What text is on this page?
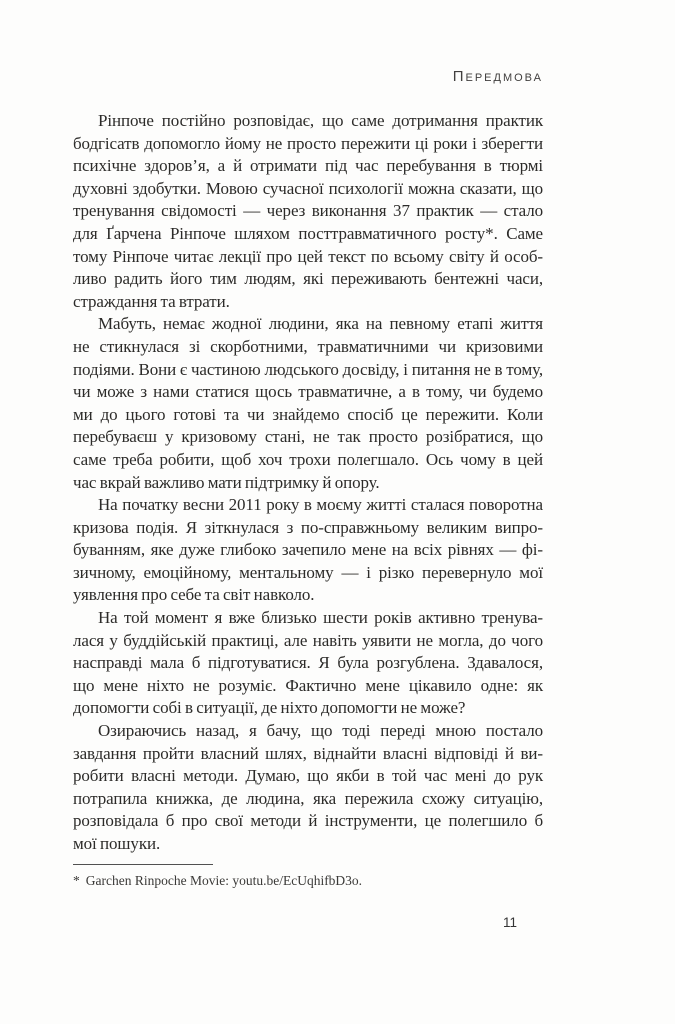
Передмова
Рінпоче постійно розповідає, що саме дотримання практик
бодгісатв допомогло йому не просто пережити ці роки і зберегти
психічне здоров’я, а й отримати під час перебування в тюрмі
духовні здобутки. Мовою сучасної психології можна сказати, що
тренування свідомості — через виконання 37 практик — стало
для Ґарчена Рінпоче шляхом посттравматичного росту*. Саме
тому Рінпоче читає лекції про цей текст по всьому світу й особ-
ливо радить його тим людям, які переживають бентежні часи,
страждання та втрати.
Мабуть, немає жодної людини, яка на певному етапі життя
не стикнулася зі скорботними, травматичними чи кризовими
подіями. Вони є частиною людського досвіду, і питання не в тому,
чи може з нами статися щось травматичне, а в тому, чи будемо
ми до цього готові та чи знайдемо спосіб це пережити. Коли
перебуваєш у кризовому стані, не так просто розібратися, що
саме треба робити, щоб хоч трохи полегшало. Ось чому в цей
час вкрай важливо мати підтримку й опору.
На початку весни 2011 року в моєму житті сталася поворотна
кризова подія. Я зіткнулася з по-справжньому великим випро-
буванням, яке дуже глибоко зачепило мене на всіх рівнях — фі-
зичному, емоційному, ментальному — і різко перевернуло мої
уявлення про себе та світ навколо.
На той момент я вже близько шести років активно тренува-
лася у буддійській практиці, але навіть уявити не могла, до чого
насправді мала б підготуватися. Я була розгублена. Здавалося,
що мене ніхто не розуміє. Фактично мене цікавило одне: як
допомогти собі в ситуації, де ніхто допомогти не може?
Озираючись назад, я бачу, що тоді переді мною постало
завдання пройти власний шлях, віднайти власні відповіді й ви-
робити власні методи. Думаю, що якби в той час мені до рук
потрапила книжка, де людина, яка пережила схожу ситуацію,
розповідала б про свої методи й інструменти, це полегшило б
мої пошуки.
* Garchen Rinpoche Movie: youtu.be/EcUqhifbD3o.
11
